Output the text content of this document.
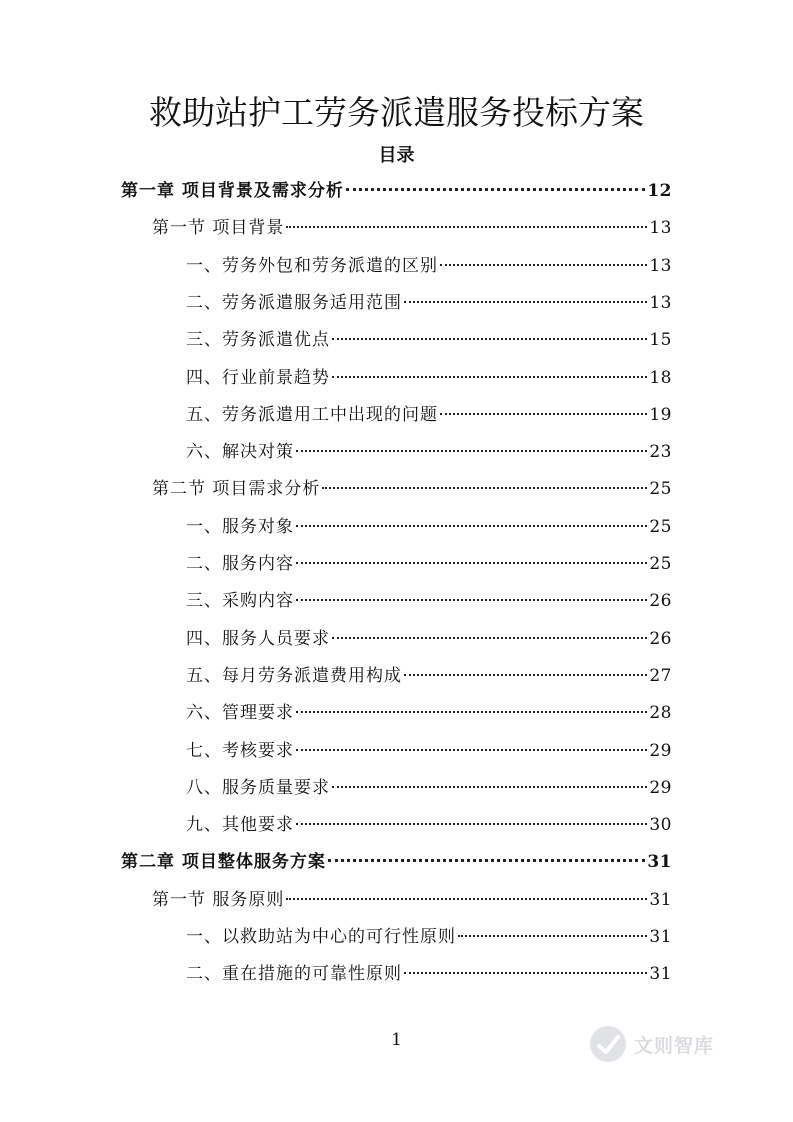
救助站护工劳务派遣服务投标方案
目录
第一章 项目背景及需求分析	12
第一节 项目背景	13
一、劳务外包和劳务派遣的区别	13
二、劳务派遣服务适用范围	13
三、劳务派遣优点	15
四、行业前景趋势	18
五、劳务派遣用工中出现的问题	19
六、解决对策	23
第二节 项目需求分析	25
一、服务对象	25
二、服务内容	25
三、采购内容	26
四、服务人员要求	26
五、每月劳务派遣费用构成	27
六、管理要求	28
七、考核要求	29
八、服务质量要求	29
九、其他要求	30
第二章 项目整体服务方案	31
第一节 服务原则	31
一、以救助站为中心的可行性原则	31
二、重在措施的可靠性原则	31
1	文则智库
